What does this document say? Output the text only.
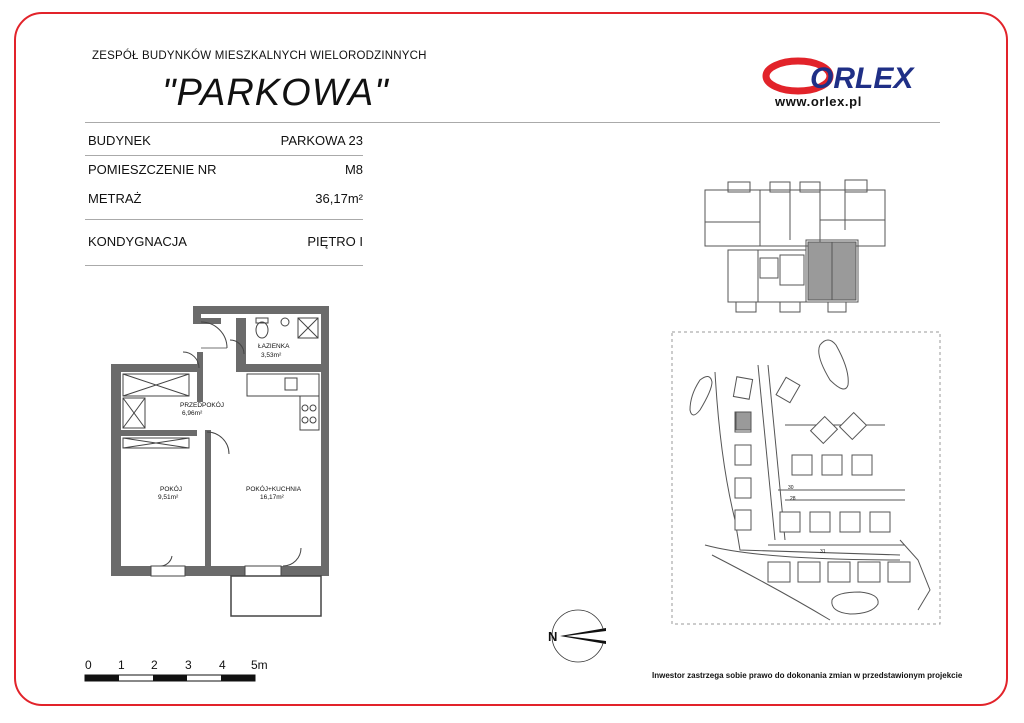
ZESPÓŁ BUDYNKÓW MIESZKALNYCH WIELORODZINNYCH
"PARKOWA"	ORLEX
www.orlex.pl
BUDYNEK	PARKOWA 23
POMIESZCZENIE NR	M8
METRAŻ	36,17m²
KONDYGNACJA	PIĘTRO I
ŁAZIENKA
3,53m²
PRZEDPOKÓJ
6,96m²
POKÓJ
9,51m²
POKÓJ+KUCHNIA
16,17m²
30
31
28
N
0 1 2 3 4 5m
Inwestor zastrzega sobie prawo do dokonania zmian w przedstawionym projekcie
